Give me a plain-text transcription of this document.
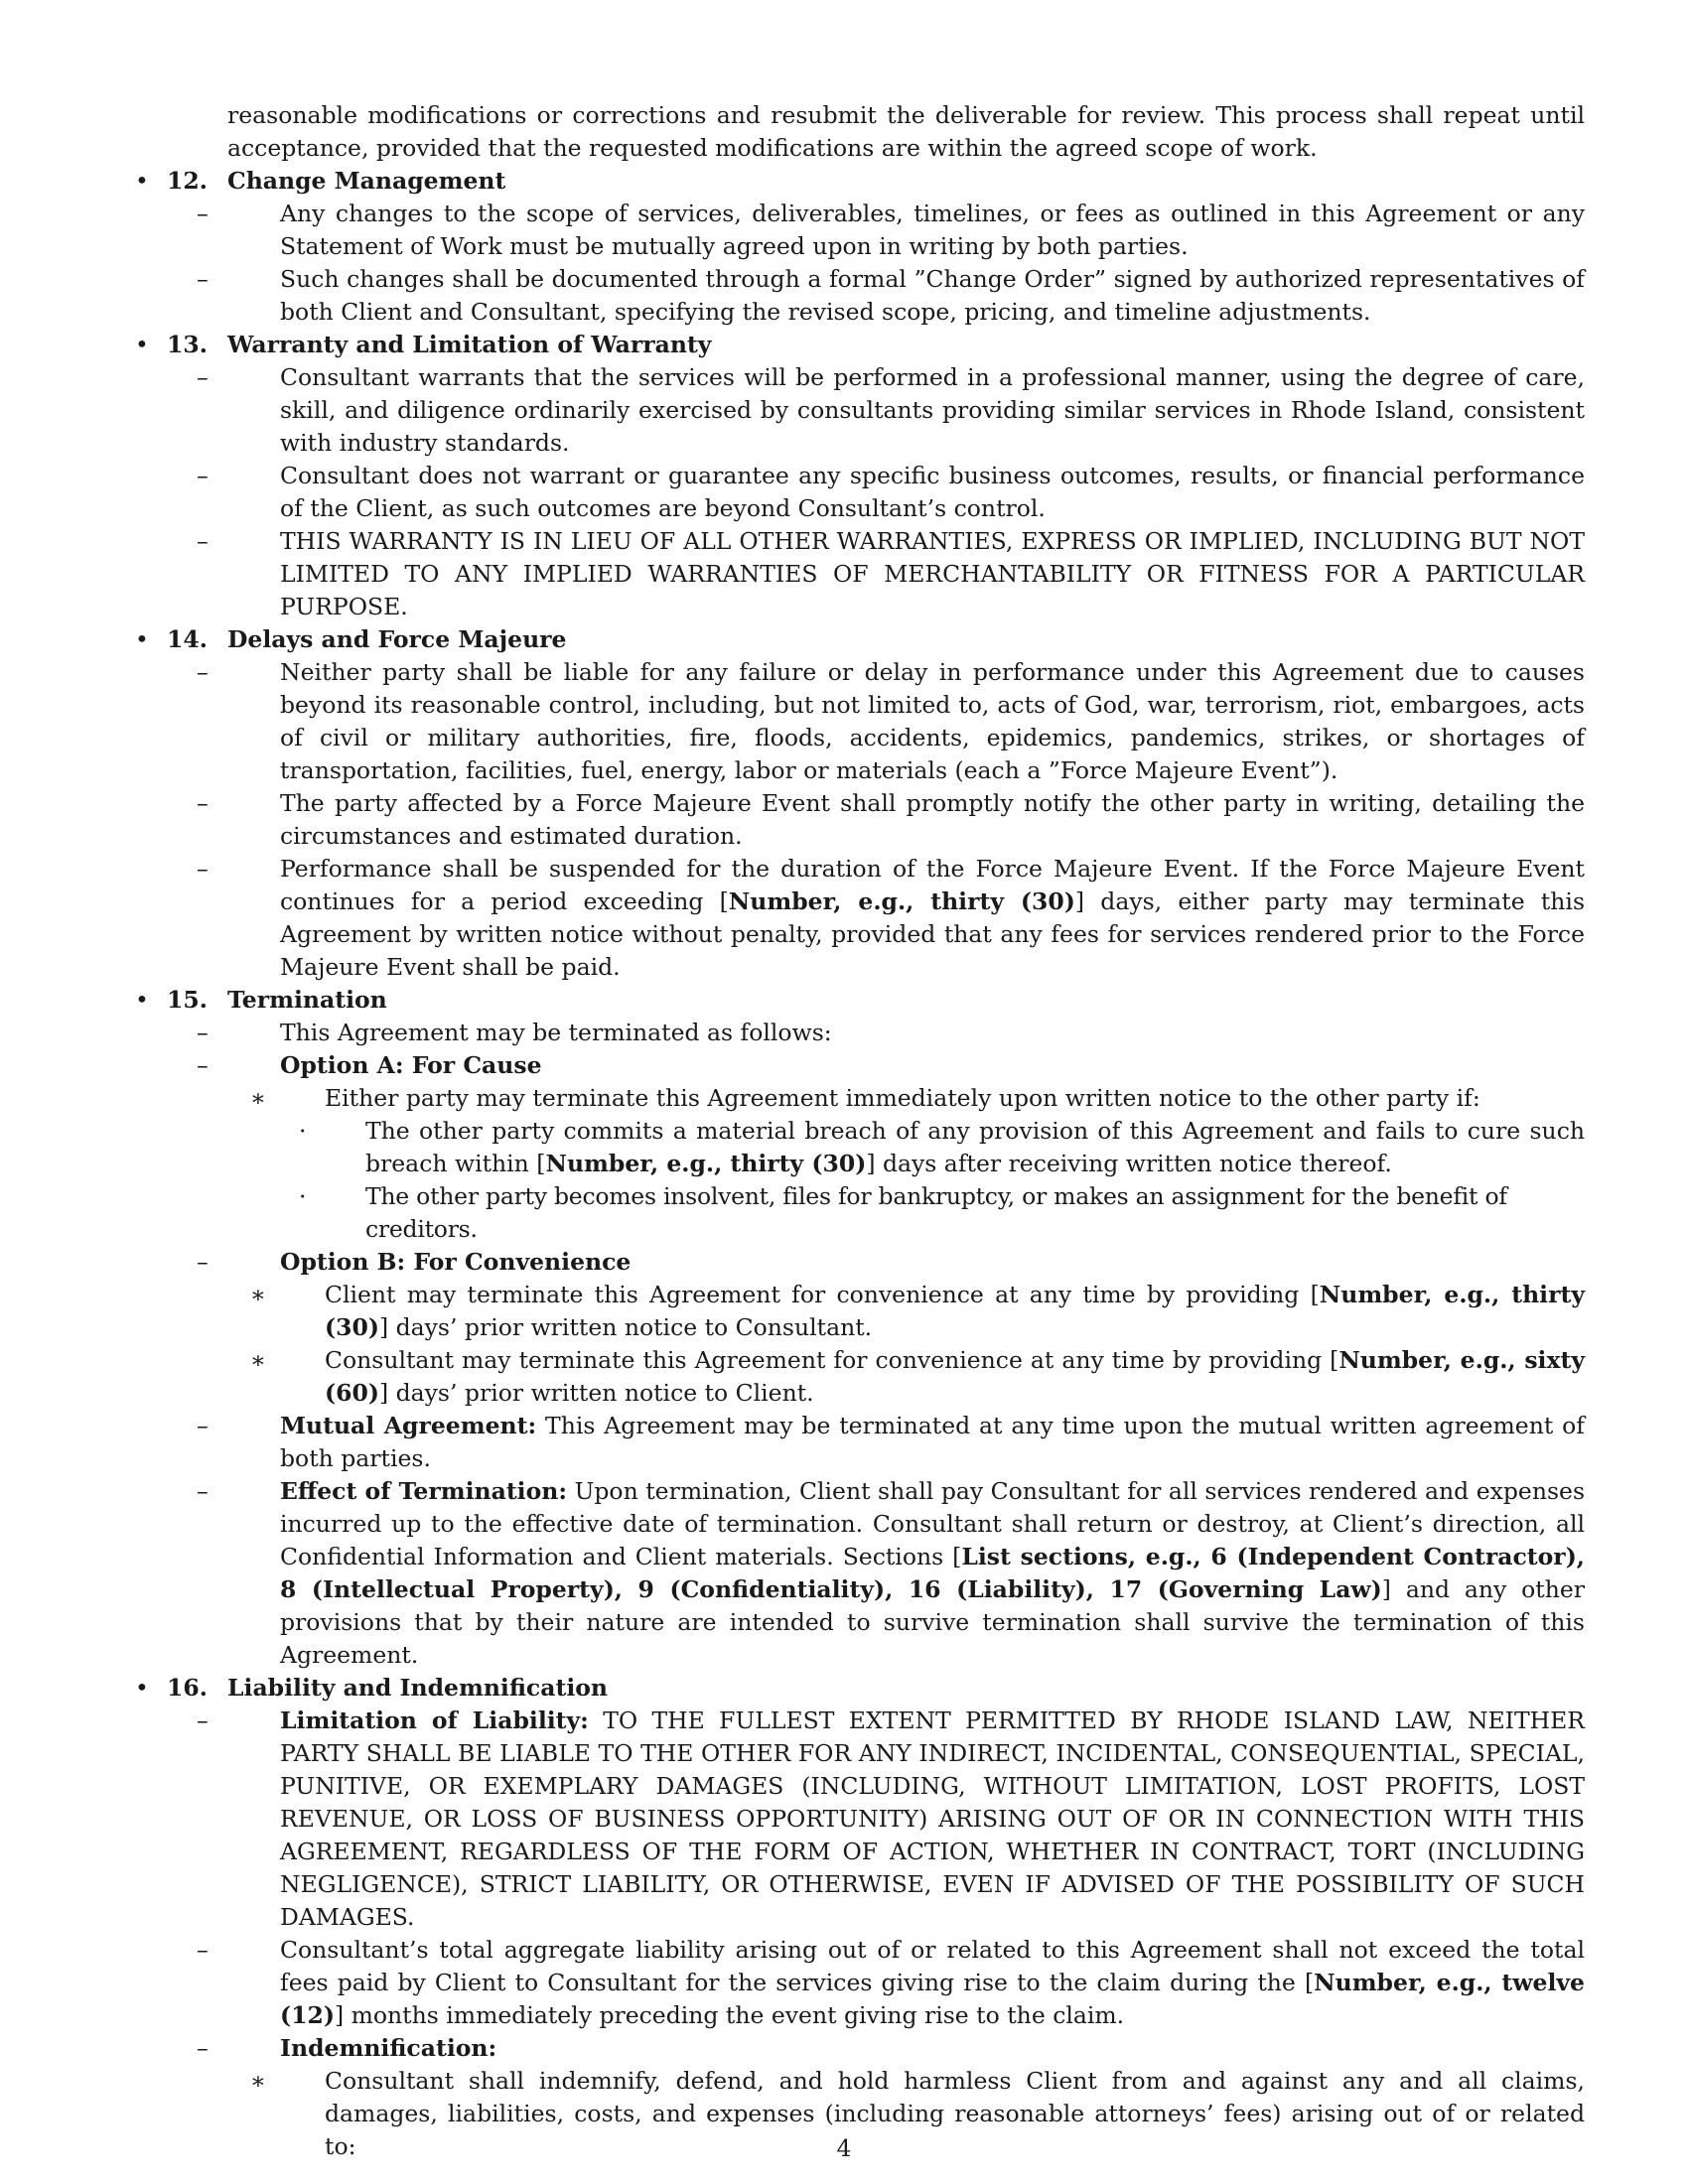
reasonable modifications or corrections and resubmit the deliverable for review. This process shall repeat until acceptance, provided that the requested modifications are within the agreed scope of work.
• 12. Change Management
–	Any changes to the scope of services, deliverables, timelines, or fees as outlined in this Agreement or any Statement of Work must be mutually agreed upon in writing by both parties.
–	Such changes shall be documented through a formal ”Change Order” signed by authorized representatives of both Client and Consultant, specifying the revised scope, pricing, and timeline adjustments.
• 13. Warranty and Limitation of Warranty
–	Consultant warrants that the services will be performed in a professional manner, using the degree of care, skill, and diligence ordinarily exercised by consultants providing similar services in Rhode Island, consistent with industry standards.
–	Consultant does not warrant or guarantee any specific business outcomes, results, or financial performance of the Client, as such outcomes are beyond Consultant’s control.
–	THIS WARRANTY IS IN LIEU OF ALL OTHER WARRANTIES, EXPRESS OR IMPLIED, INCLUDING BUT NOT LIMITED TO ANY IMPLIED WARRANTIES OF MERCHANTABILITY OR FITNESS FOR A PARTICULAR PURPOSE.
• 14. Delays and Force Majeure
–	Neither party shall be liable for any failure or delay in performance under this Agreement due to causes beyond its reasonable control, including, but not limited to, acts of God, war, terrorism, riot, embargoes, acts of civil or military authorities, fire, floods, accidents, epidemics, pandemics, strikes, or shortages of transportation, facilities, fuel, energy, labor or materials (each a ”Force Majeure Event”).
–	The party affected by a Force Majeure Event shall promptly notify the other party in writing, detailing the circumstances and estimated duration.
–	Performance shall be suspended for the duration of the Force Majeure Event. If the Force Majeure Event continues for a period exceeding [Number, e.g., thirty (30)] days, either party may terminate this Agreement by written notice without penalty, provided that any fees for services rendered prior to the Force Majeure Event shall be paid.
• 15. Termination
–	This Agreement may be terminated as follows:
–	Option A: For Cause
∗	Either party may terminate this Agreement immediately upon written notice to the other party if:
·	The other party commits a material breach of any provision of this Agreement and fails to cure such breach within [Number, e.g., thirty (30)] days after receiving written notice thereof.
·	The other party becomes insolvent, files for bankruptcy, or makes an assignment for the benefit of creditors.
–	Option B: For Convenience
∗	Client may terminate this Agreement for convenience at any time by providing [Number, e.g., thirty (30)] days’ prior written notice to Consultant.
∗	Consultant may terminate this Agreement for convenience at any time by providing [Number, e.g., sixty (60)] days’ prior written notice to Client.
–	Mutual Agreement: This Agreement may be terminated at any time upon the mutual written agreement of both parties.
–	Effect of Termination: Upon termination, Client shall pay Consultant for all services rendered and expenses incurred up to the effective date of termination. Consultant shall return or destroy, at Client’s direction, all Confidential Information and Client materials. Sections [List sections, e.g., 6 (Independent Contractor), 8 (Intellectual Property), 9 (Confidentiality), 16 (Liability), 17 (Governing Law)] and any other provisions that by their nature are intended to survive termination shall survive the termination of this Agreement.
• 16. Liability and Indemnification
–	Limitation of Liability: TO THE FULLEST EXTENT PERMITTED BY RHODE ISLAND LAW, NEITHER PARTY SHALL BE LIABLE TO THE OTHER FOR ANY INDIRECT, INCIDENTAL, CONSEQUENTIAL, SPECIAL, PUNITIVE, OR EXEMPLARY DAMAGES (INCLUDING, WITHOUT LIMITATION, LOST PROFITS, LOST REVENUE, OR LOSS OF BUSINESS OPPORTUNITY) ARISING OUT OF OR IN CONNECTION WITH THIS AGREEMENT, REGARDLESS OF THE FORM OF ACTION, WHETHER IN CONTRACT, TORT (INCLUDING NEGLIGENCE), STRICT LIABILITY, OR OTHERWISE, EVEN IF ADVISED OF THE POSSIBILITY OF SUCH DAMAGES.
–	Consultant’s total aggregate liability arising out of or related to this Agreement shall not exceed the total fees paid by Client to Consultant for the services giving rise to the claim during the [Number, e.g., twelve (12)] months immediately preceding the event giving rise to the claim.
–	Indemnification:
∗	Consultant shall indemnify, defend, and hold harmless Client from and against any and all claims, damages, liabilities, costs, and expenses (including reasonable attorneys’ fees) arising out of or related to:	4
